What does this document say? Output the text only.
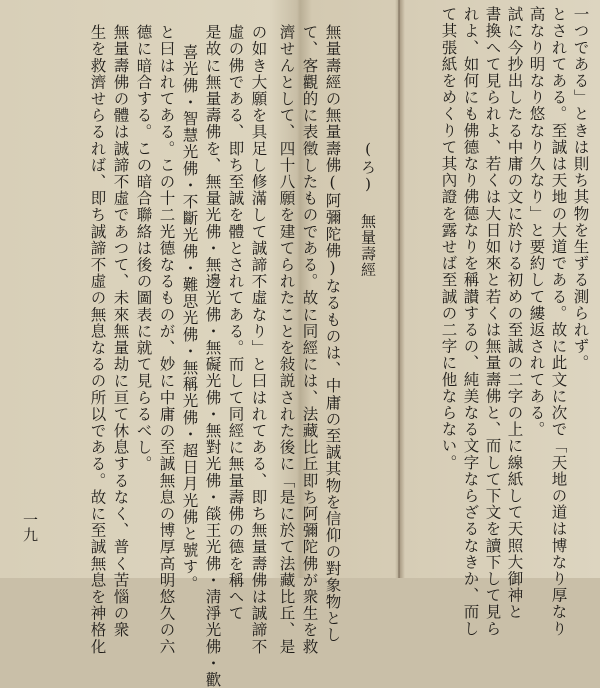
一つである」ときは則ち其物を生ずる測られず。
とされてある。至誠は天地の大道である。故に此文に次で「天地の道は博なり厚なり
高なり明なり悠なり久なり」と要約して縷返されてある。
試に今抄出したる中庸の文に於ける初めの至誠の二字の上に線紙して天照大御神と
書換へて見られよ、若くは大日如來と若くは無量壽佛と、而して下文を讀下して見ら
れよ、如何にも佛德なり佛德なりを稱讃するの、純美なる文字ならざるなきか、而し
て其張紙をめくりて其內證を露せば至誠の二字に他ならない。
(ろ) 無量壽經
無量壽經の無量壽佛(阿彌陀佛)なるものは、中庸の至誠其物を信仰の對象物とし
て、客觀的に表徵したものである。故に同經には、法藏比丘即ち阿彌陀佛が衆生を救
濟せんとして、四十八願を建てられたことを敍説された後に「是に於て法藏比丘、是
の如き大願を具足し修滿して誠諦不虛なり」と曰はれてある、即ち無量壽佛は誠諦不
虛の佛である、即ち至誠を體とされてある。而して同經に無量壽佛の德を稱へて
是故に無量壽佛を、無量光佛・無邊光佛・無礙光佛・無對光佛・燄王光佛・淸淨光佛・歡
喜光佛・智慧光佛・不斷光佛・難思光佛・無稱光佛・超日月光佛と號す。
と曰はれてある。この十二光德なるものが、妙に中庸の至誠無息の博厚高明悠久の六
德に暗合する。この暗合聯絡は後の圖表に就て見らるべし。
無量壽佛の體は誠諦不虛であつて、未來無量劫に亘て休息するなく、普く苦惱の衆
生を救濟せらるれば、即ち誠諦不虛の無息なるの所以である。故に至誠無息を神格化
一九
